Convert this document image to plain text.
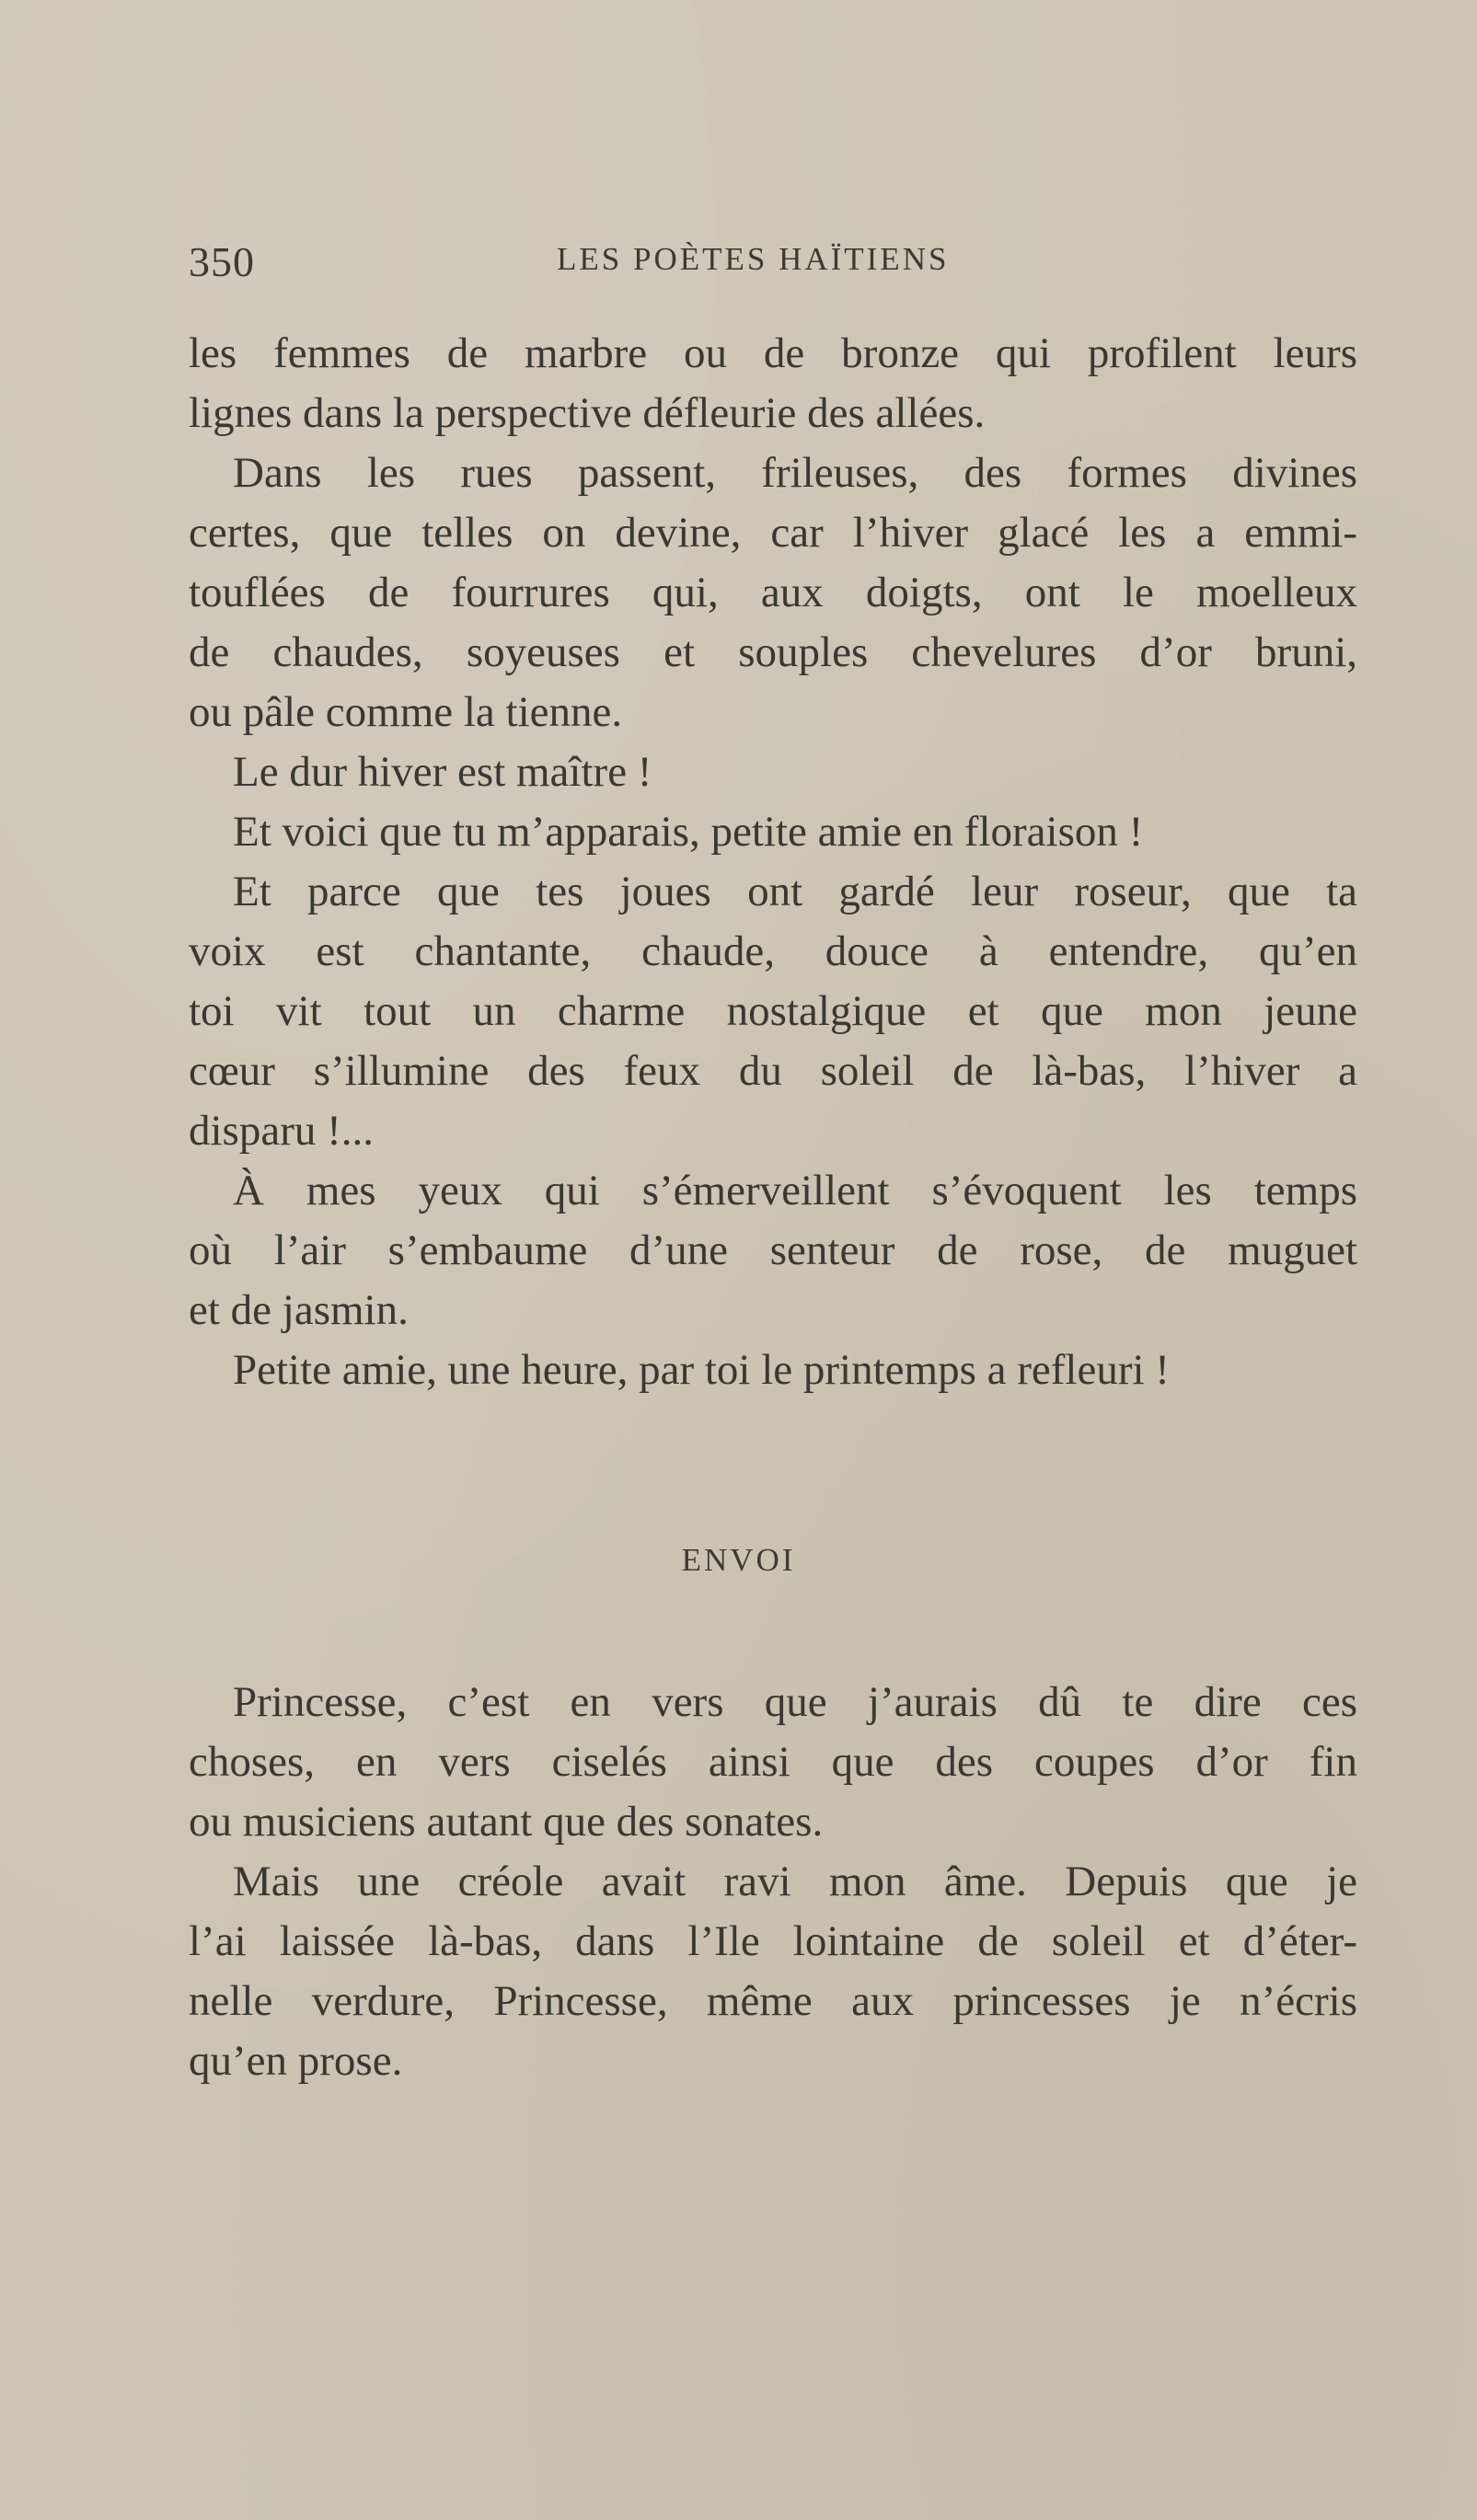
350	LES POÈTES HAÏTIENS
les femmes de marbre ou de bronze qui profilent leurs
lignes dans la perspective défleurie des allées.
Dans les rues passent, frileuses, des formes divines
certes, que telles on devine, car l’hiver glacé les a emmi-
touflées de fourrures qui, aux doigts, ont le moelleux
de chaudes, soyeuses et souples chevelures d’or bruni,
ou pâle comme la tienne.
Le dur hiver est maître !
Et voici que tu m’apparais, petite amie en floraison !
Et parce que tes joues ont gardé leur roseur, que ta
voix est chantante, chaude, douce à entendre, qu’en
toi vit tout un charme nostalgique et que mon jeune
cœur s’illumine des feux du soleil de là-bas, l’hiver a
disparu !...
À mes yeux qui s’émerveillent s’évoquent les temps
où l’air s’embaume d’une senteur de rose, de muguet
et de jasmin.
Petite amie, une heure, par toi le printemps a refleuri !
ENVOI
Princesse, c’est en vers que j’aurais dû te dire ces
choses, en vers ciselés ainsi que des coupes d’or fin
ou musiciens autant que des sonates.
Mais une créole avait ravi mon âme. Depuis que je
l’ai laissée là-bas, dans l’Ile lointaine de soleil et d’éter-
nelle verdure, Princesse, même aux princesses je n’écris
qu’en prose.
